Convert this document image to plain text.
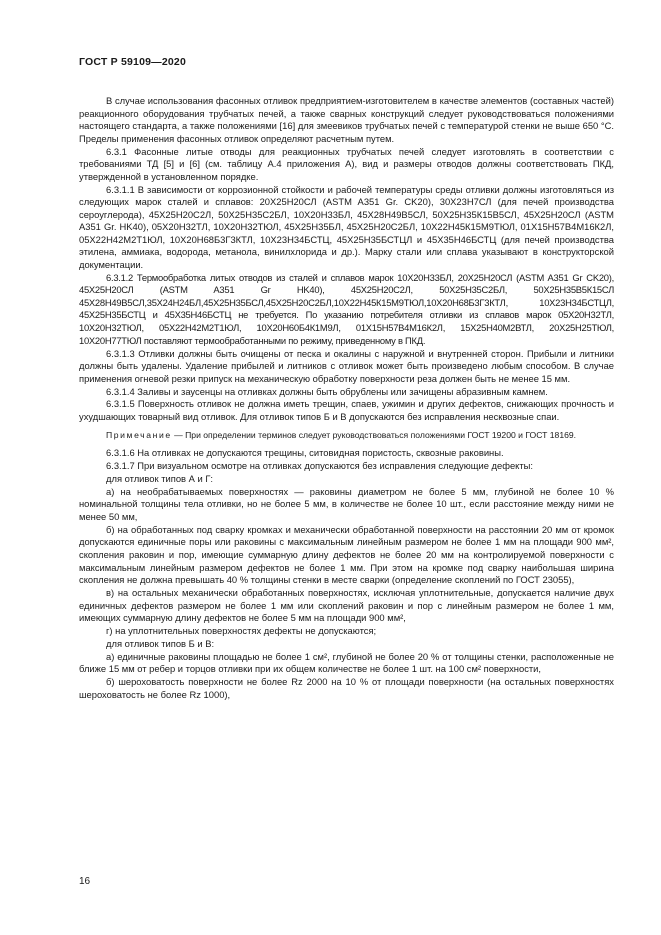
ГОСТ Р 59109—2020

В случае использования фасонных отливок предприятием-изготовителем в качестве элементов (составных частей) реакционного оборудования трубчатых печей, а также сварных конструкций следует руководствоваться положениями настоящего стандарта, а также положениями [16] для змеевиков трубчатых печей с температурой стенки не выше 650 °С. Пределы применения фасонных отливок определяют расчетным путем.

6.3.1 Фасонные литые отводы для реакционных трубчатых печей следует изготовлять в соответствии с требованиями ТД [5] и [6] (см. таблицу А.4 приложения А), вид и размеры отводов должны соответствовать ПКД, утвержденной в установленном порядке.

6.3.1.1 В зависимости от коррозионной стойкости и рабочей температуры среды отливки должны изготовляться из следующих марок сталей и сплавов: 20Х25Н20СЛ (ASTM A351 Gr. CK20), 30Х23Н7СЛ (для печей производства сероуглерода), 45Х25Н20С2Л, 50Х25Н35С2БЛ, 10Х20Н33БЛ, 45Х28Н49В5СЛ, 50Х25Н35К15В5СЛ, 45Х25Н20СЛ (ASTM A351 Gr. HK40), 05Х20Н32ТЛ, 10Х20Н32ТЮЛ, 45Х25Н35БЛ, 45Х25Н20С2БЛ, 10Х22Н45К15М9ТЮЛ, 01Х15Н57В4М16К2Л, 05Х22Н42М2Т1ЮЛ, 10Х20Н68Б3Г3КТЛ, 10Х23Н34БСТЦ, 45Х25Н35БСТЦЛ и 45Х35Н46БСТЦ (для печей производства этилена, аммиака, водорода, метанола, винилхлорида и др.). Марку стали или сплава указывают в конструкторской документации.

6.3.1.2 Термообработка литых отводов из сталей и сплавов марок 10Х20Н33БЛ, 20Х25Н20СЛ (ASTM A351 Gr CK20), 45Х25Н20СЛ (ASTM A351 Gr HK40), 45Х25Н20С2Л, 50Х25Н35С2БЛ, 50Х25Н35В5К15СЛ 45Х28Н49В5СЛ,35Х24Н24БЛ,45Х25Н35БСЛ,45Х25Н20С2БЛ,10Х22Н45К15М9ТЮЛ,10Х20Н68Б3Г3КТЛ, 10Х23Н34БСТЦЛ, 45Х25Н35БСТЦ и 45Х35Н46БСТЦ не требуется. По указанию потребителя отливки из сплавов марок 05Х20Н32ТЛ, 10Х20Н32ТЮЛ, 05Х22Н42М2Т1ЮЛ, 10Х20Н60Б4К1М9Л, 01Х15Н57В4М16К2Л, 15Х25Н40М2ВТЛ, 20Х25Н25ТЮЛ, 10Х20Н77ТЮЛ поставляют термообработанными по режиму, приведенному в ПКД.

6.3.1.3 Отливки должны быть очищены от песка и окалины с наружной и внутренней сторон. Прибыли и литники должны быть удалены. Удаление прибылей и литников с отливок может быть произведено любым способом. В случае применения огневой резки припуск на механическую обработку поверхности реза должен быть не менее 15 мм.

6.3.1.4 Заливы и заусенцы на отливках должны быть обрублены или зачищены абразивным камнем.

6.3.1.5 Поверхность отливок не должна иметь трещин, спаев, ужимин и других дефектов, снижающих прочность и ухудшающих товарный вид отливок. Для отливок типов Б и В допускаются без исправления несквозные спаи.

Примечание — При определении терминов следует руководствоваться положениями ГОСТ 19200 и ГОСТ 18169.

6.3.1.6 На отливках не допускаются трещины, ситовидная пористость, сквозные раковины.

6.3.1.7 При визуальном осмотре на отливках допускаются без исправления следующие дефекты:

для отливок типов А и Г:

а) на необрабатываемых поверхностях — раковины диаметром не более 5 мм, глубиной не более 10 % номинальной толщины тела отливки, но не более 5 мм, в количестве не более 10 шт., если расстояние между ними не менее 50 мм,

б) на обработанных под сварку кромках и механически обработанной поверхности на расстоянии 20 мм от кромок допускаются единичные поры или раковины с максимальным линейным размером не более 1 мм на площади 900 мм², скопления раковин и пор, имеющие суммарную длину дефектов не более 20 мм на контролируемой поверхности с максимальным линейным размером дефектов не более 1 мм. При этом на кромке под сварку наибольшая ширина скопления не должна превышать 40 % толщины стенки в месте сварки (определение скоплений по ГОСТ 23055),

в) на остальных механически обработанных поверхностях, исключая уплотнительные, допускается наличие двух единичных дефектов размером не более 1 мм или скоплений раковин и пор с линейным размером не более 1 мм, имеющих суммарную длину дефектов не более 5 мм на площади 900 мм²,

г) на уплотнительных поверхностях дефекты не допускаются;

для отливок типов Б и В:

а) единичные раковины площадью не более 1 см², глубиной не более 20 % от толщины стенки, расположенные не ближе 15 мм от ребер и торцов отливки при их общем количестве не более 1 шт. на 100 см² поверхности,

б) шероховатость поверхности не более Rz 2000 на 10 % от площади поверхности (на остальных поверхностях шероховатость не более Rz 1000),

16
